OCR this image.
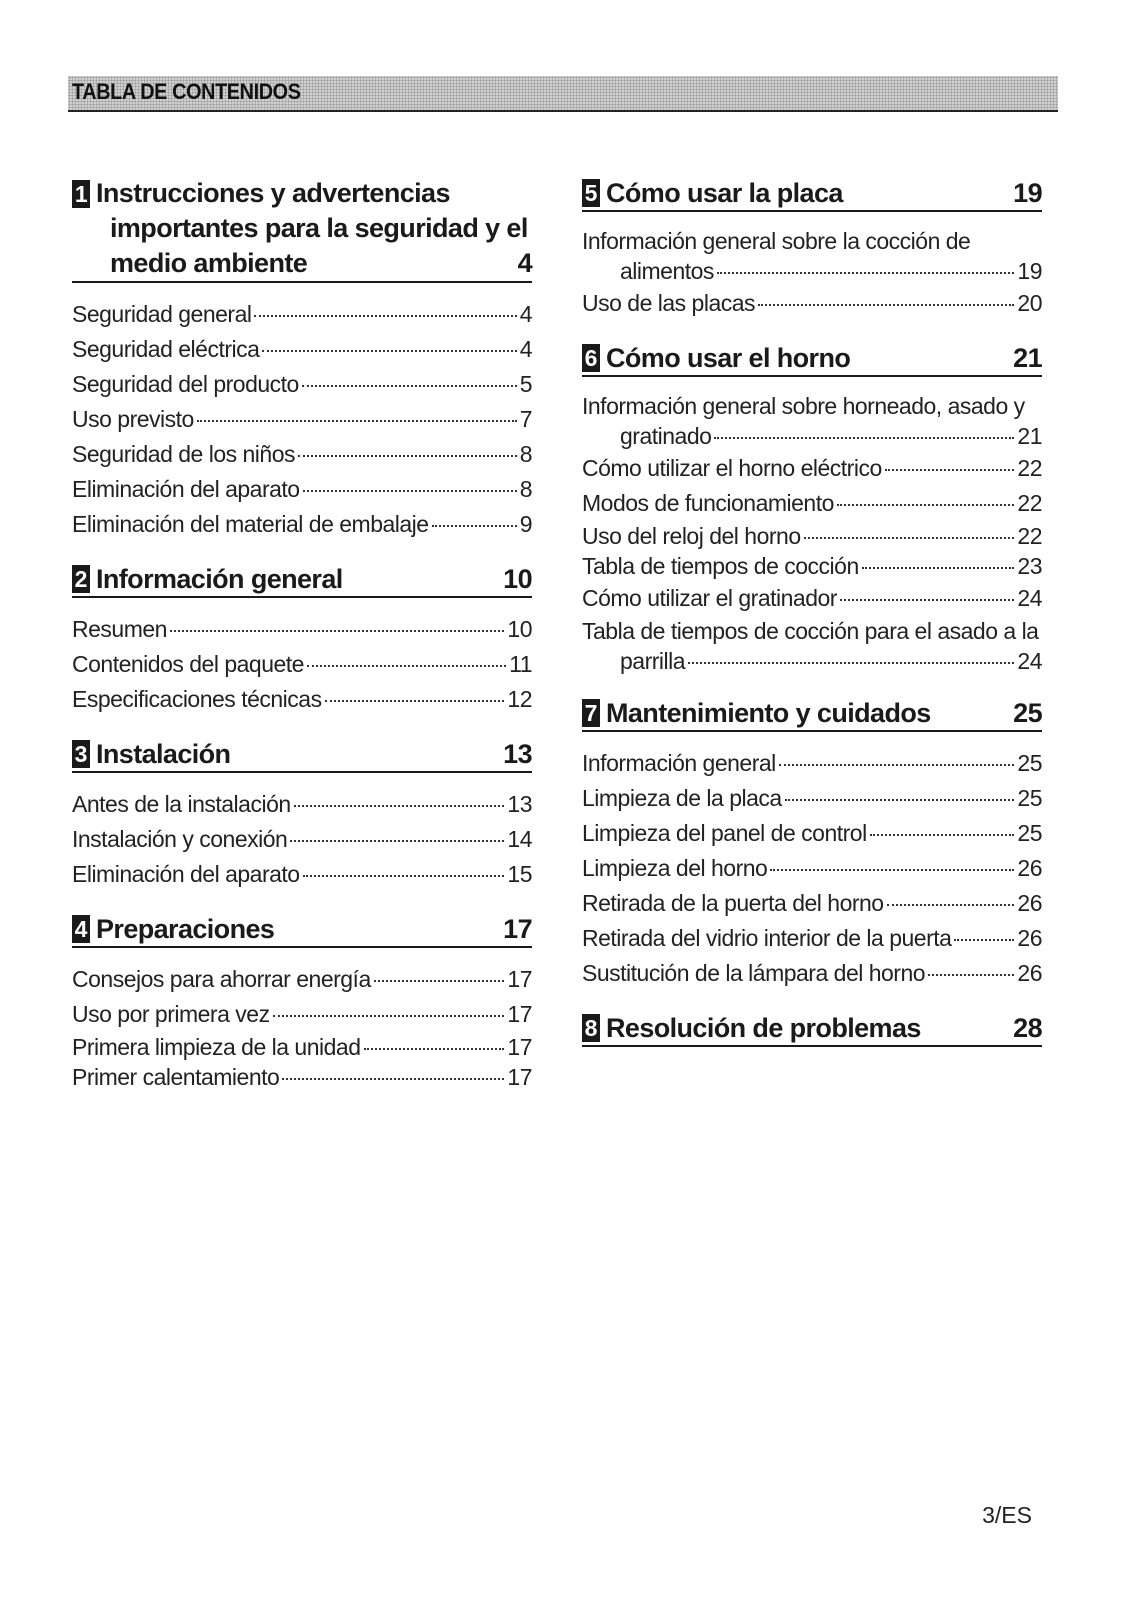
TABLA DE CONTENIDOS
1 Instrucciones y advertencias
importantes para la seguridad y el
medio ambiente	4
Seguridad general	4
Seguridad eléctrica	4
Seguridad del producto	5
Uso previsto	7
Seguridad de los niños	8
Eliminación del aparato	8
Eliminación del material de embalaje	9
2 Información general	10
Resumen	10
Contenidos del paquete	11
Especificaciones técnicas	12
3 Instalación	13
Antes de la instalación	13
Instalación y conexión	14
Eliminación del aparato	15
4 Preparaciones	17
Consejos para ahorrar energía	17
Uso por primera vez	17
Primera limpieza de la unidad	17
Primer calentamiento	17
5 Cómo usar la placa	19
Información general sobre la cocción de
alimentos	19
Uso de las placas	20
6 Cómo usar el horno	21
Información general sobre horneado, asado y
gratinado	21
Cómo utilizar el horno eléctrico	22
Modos de funcionamiento	22
Uso del reloj del horno	22
Tabla de tiempos de cocción	23
Cómo utilizar el gratinador	24
Tabla de tiempos de cocción para el asado a la
parrilla	24
7 Mantenimiento y cuidados	25
Información general	25
Limpieza de la placa	25
Limpieza del panel de control	25
Limpieza del horno	26
Retirada de la puerta del horno	26
Retirada del vidrio interior de la puerta	26
Sustitución de la lámpara del horno	26
8 Resolución de problemas	28
3/ES
